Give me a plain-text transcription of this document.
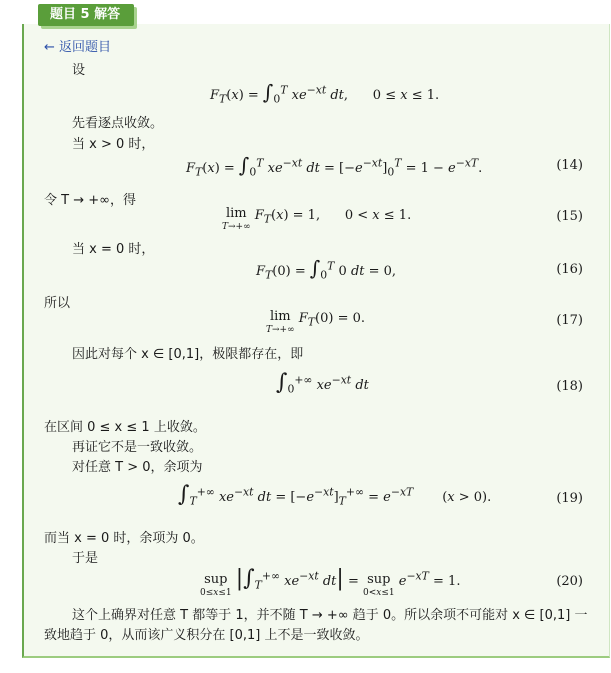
题目 5 解答
← 返回题目
设
$F_T(x) = \int_0^T$ $xe^{-xt}$ dt,      0 ≤ x ≤ 1.
先看逐点收敛。
当 x > 0 时，
$F_T(x) = \int_0^T$ $xe^{-xt}$ dt = $[-e^{-xt}]_0^T = 1 - e^{-xT}$.	(14)
令 T → +∞，得
lim
T→+∞ $F_T(x) = 1$,      0 < x ≤ 1.	(15)
当 x = 0 时，
$F_T(0) = \int_0^T$ 0 dt = 0,	(16)
所以
lim
T→+∞ $F_T(0) = 0$.	(17)
因此对每个 x ∈ [0,1]，极限都存在，即
$\int_0^{+\infty}$ $xe^{-xt}$ dt	(18)
在区间 0 ≤ x ≤ 1 上收敛。
再证它不是一致收敛。
对任意 T > 0，余项为
$\int_T^{+\infty}$ $xe^{-xt}$ dt = $[-e^{-xt}]_T^{+\infty} = e^{-xT}$       (x > 0).	(19)
而当 x = 0 时，余项为 0。
于是
sup
0≤x≤1 $|\int_T^{+\infty}$ $xe^{-xt}$ dt| = sup
0<x≤1 $e^{-xT} = 1$.	(20)
这个上确界对任意 T 都等于 1，并不随 T → +∞ 趋于 0。所以余项不可能对 x ∈ [0,1] 一
致地趋于 0，从而该广义积分在 [0,1] 上不是一致收敛。
